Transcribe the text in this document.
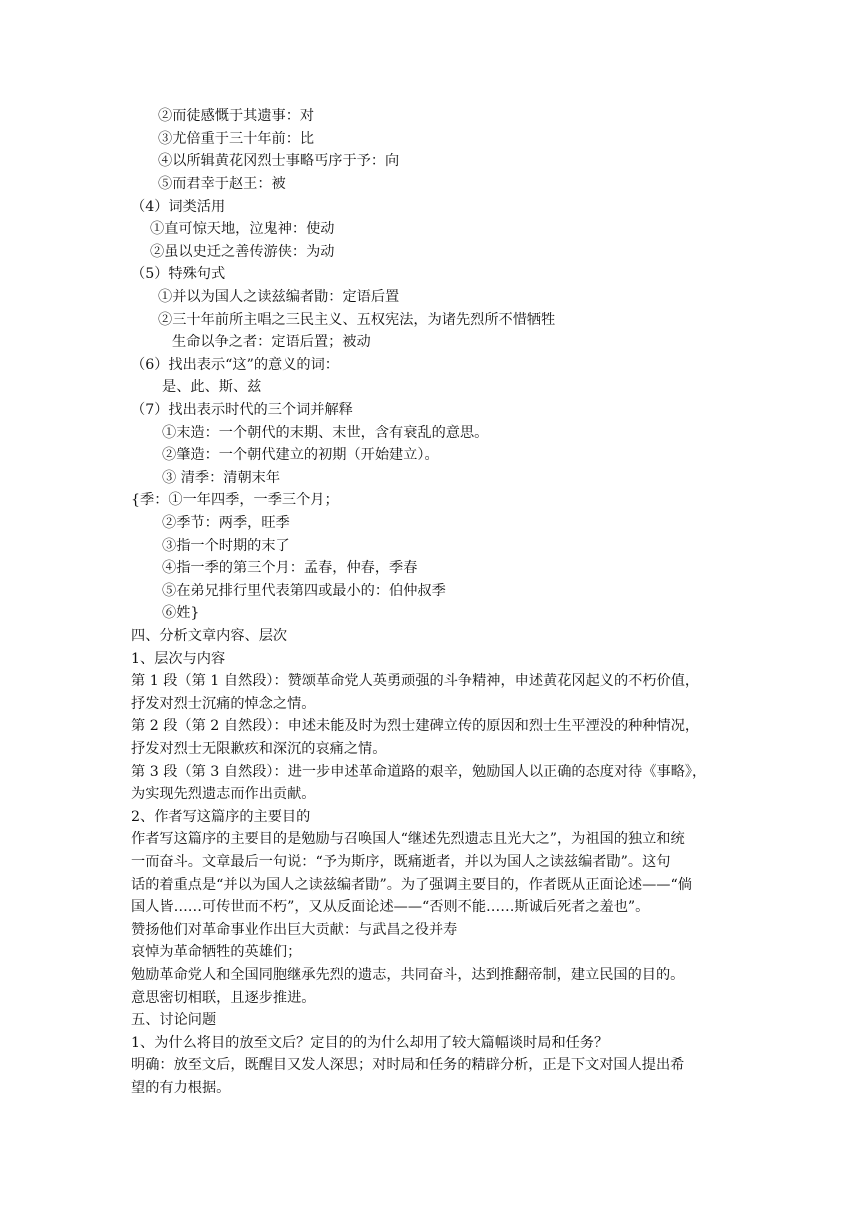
②而徒感慨于其遗事：对
③尤倍重于三十年前：比
④以所辑黄花冈烈士事略丐序于予：向
⑤而君幸于赵王：被
（4）词类活用
①直可惊天地，泣鬼神：使动
②虽以史迁之善传游侠：为动
（5）特殊句式
①并以为国人之读兹编者勖：定语后置
②三十年前所主唱之三民主义、五权宪法，为诸先烈所不惜牺牲
生命以争之者：定语后置；被动
（6）找出表示“这”的意义的词：
是、此、斯、兹
（7）找出表示时代的三个词并解释
①末造：一个朝代的末期、末世，含有衰乱的意思。
②肇造：一个朝代建立的初期（开始建立）。
③ 清季：清朝末年
{季：①一年四季，一季三个月；
②季节：两季，旺季
③指一个时期的末了
④指一季的第三个月：孟春，仲春，季春
⑤在弟兄排行里代表第四或最小的：伯仲叔季
⑥姓}
四、分析文章内容、层次
1、层次与内容
第 1 段（第 1 自然段）：赞颂革命党人英勇顽强的斗争精神，申述黄花冈起义的不朽价值，
抒发对烈士沉痛的悼念之情。
第 2 段（第 2 自然段）：申述未能及时为烈士建碑立传的原因和烈士生平湮没的种种情况，
抒发对烈士无限歉疚和深沉的哀痛之情。
第 3 段（第 3 自然段）：进一步申述革命道路的艰辛，勉励国人以正确的态度对待《事略》，
为实现先烈遗志而作出贡献。
2、作者写这篇序的主要目的
作者写这篇序的主要目的是勉励与召唤国人“继述先烈遗志且光大之”，为祖国的独立和统
一而奋斗。文章最后一句说：“予为斯序，既痛逝者，并以为国人之读兹编者勖”。这句
话的着重点是“并以为国人之读兹编者勖”。为了强调主要目的，作者既从正面论述——“倘
国人皆……可传世而不朽”，又从反面论述——“否则不能……斯诚后死者之羞也”。
赞扬他们对革命事业作出巨大贡献：与武昌之役并寿
哀悼为革命牺牲的英雄们；
勉励革命党人和全国同胞继承先烈的遗志，共同奋斗，达到推翻帝制，建立民国的目的。
意思密切相联，且逐步推进。
五、讨论问题
1、为什么将目的放至文后？定目的的为什么却用了较大篇幅谈时局和任务？
明确：放至文后，既醒目又发人深思；对时局和任务的精辟分析，正是下文对国人提出希
望的有力根据。
